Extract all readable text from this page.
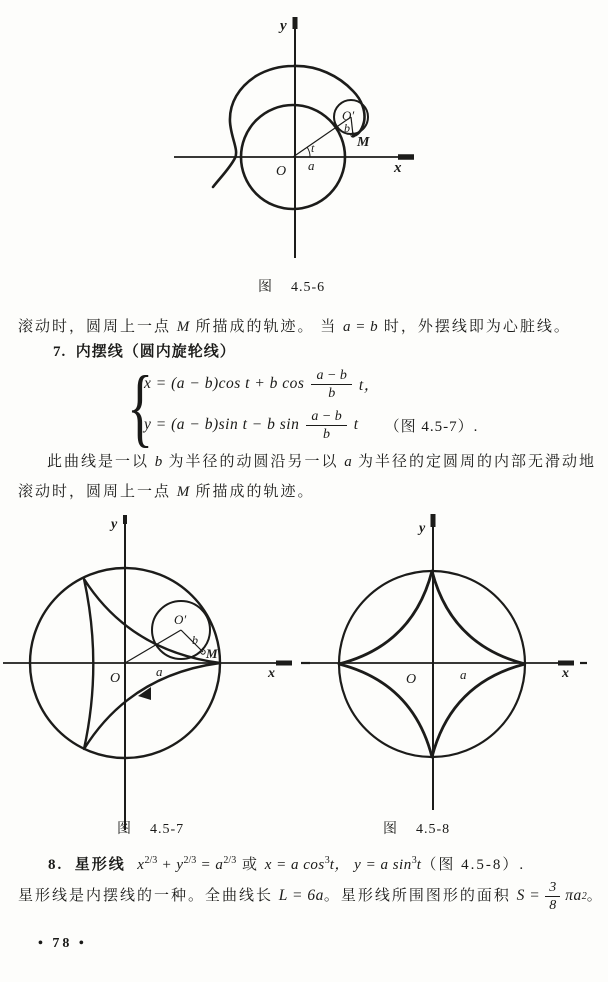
y
x
O a
t
O′
b
M
图    4.5-6
滚动时，圆周上一点 M 所描成的轨迹。 当 a = b 时，外摆线即为心脏线。
7. 内摆线（圆内旋轮线）
{
x = (a − b)cos t + b $\cos \frac{a - b}{b}$ t，
y = (a − b)sin t − b $\sin \frac{a - b}{b}$ t （图 4.5-7）.
此曲线是一以 b 为半径的动圆沿另一以 a 为半径的定圆周的内部无滑动地
滚动时，圆周上一点 M 所描成的轨迹。
y
x
O	a
O′
b
M
图    4.5-7
y
x
O	a
图    4.5-8
8. 星形线 $x^{2/3} + y^{2/3} = a^{2/3}$ 或 x = a $\cos^3t$， y = a $\sin^3t$（图 4.5-8）.
星形线是内摆线的一种。全曲线长 L = 6a 。星形线所围图形的面积 $S = \frac{3}{8}$ πa 2 。
• 78 •
